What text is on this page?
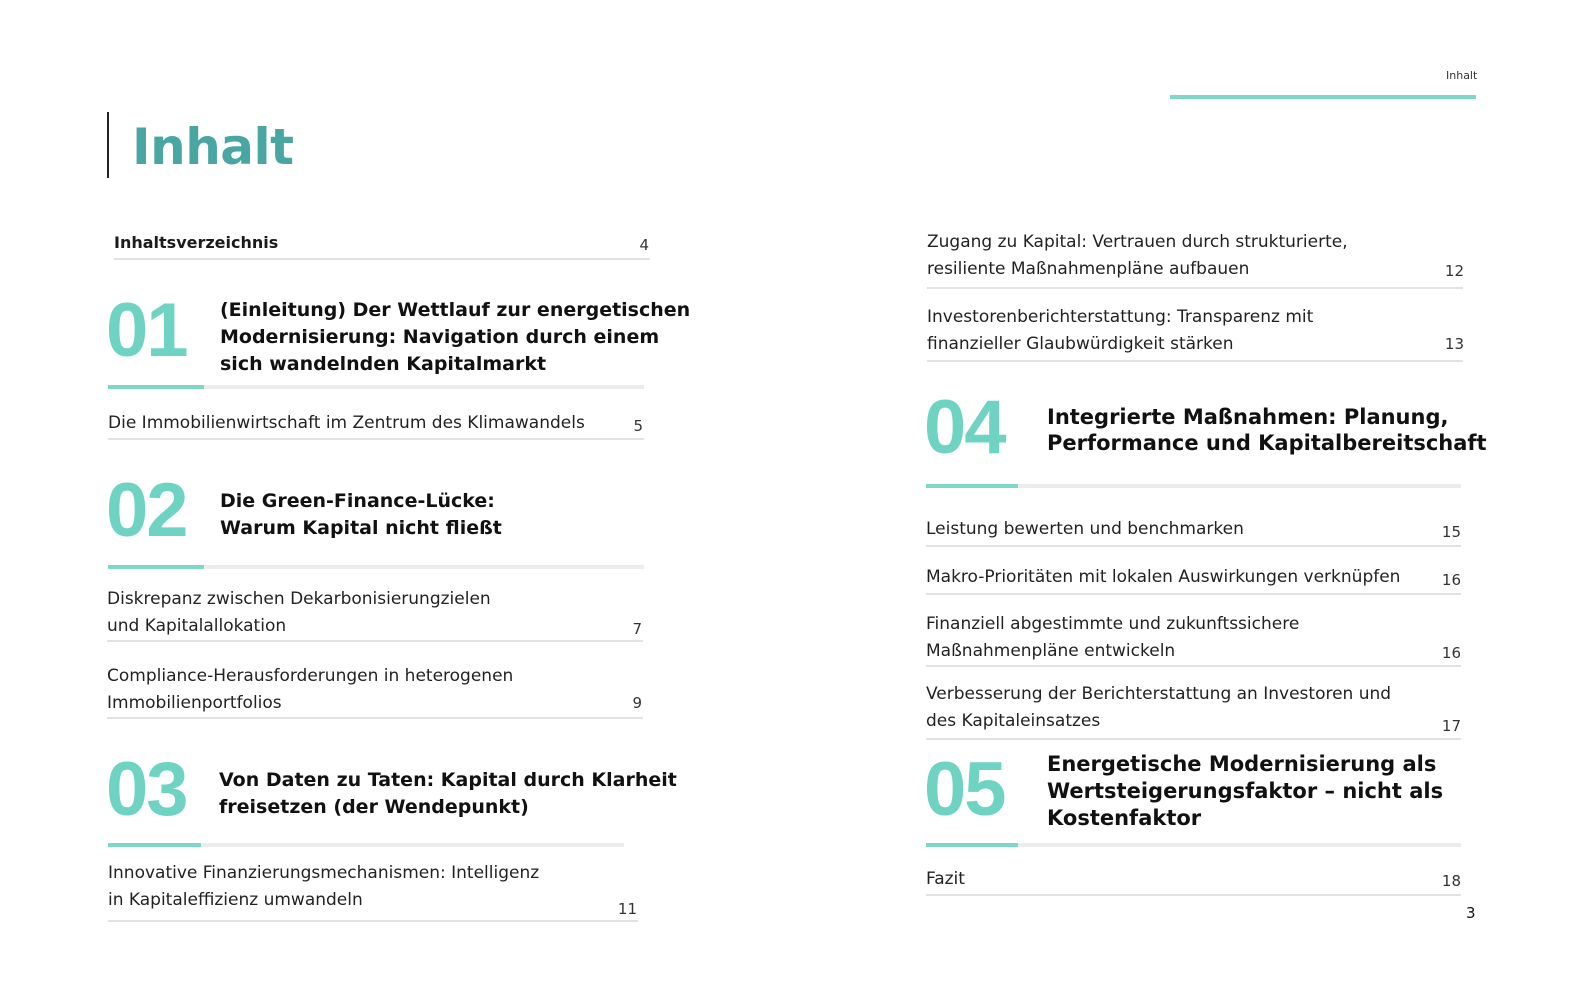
Inhalt
Inhalt
Inhaltsverzeichnis	4
01 (Einleitung) Der Wettlauf zur energetischen
Modernisierung: Navigation durch einem
sich wandelnden Kapitalmarkt
Die Immobilienwirtschaft im Zentrum des Klimawandels	5
02 Die Green-Finance-Lücke:
Warum Kapital nicht fließt
Diskrepanz zwischen Dekarbonisierungzielen
und Kapitalallokation	7
Compliance-Herausforderungen in heterogenen
Immobilienportfolios	9
03 Von Daten zu Taten: Kapital durch Klarheit
freisetzen (der Wendepunkt)
Innovative Finanzierungsmechanismen: Intelligenz
in Kapitaleffizienz umwandeln	11
Zugang zu Kapital: Vertrauen durch strukturierte,
resiliente Maßnahmenpläne aufbauen	12
Investorenberichterstattung: Transparenz mit
finanzieller Glaubwürdigkeit stärken	13
04 Integrierte Maßnahmen: Planung,
Performance und Kapitalbereitschaft
Leistung bewerten und benchmarken	15
Makro-Prioritäten mit lokalen Auswirkungen verknüpfen	16
Finanziell abgestimmte und zukunftssichere
Maßnahmenpläne entwickeln	16
Verbesserung der Berichterstattung an Investoren und
des Kapitaleinsatzes	17
05 Energetische Modernisierung als
Wertsteigerungsfaktor – nicht als
Kostenfaktor
Fazit	18
3
